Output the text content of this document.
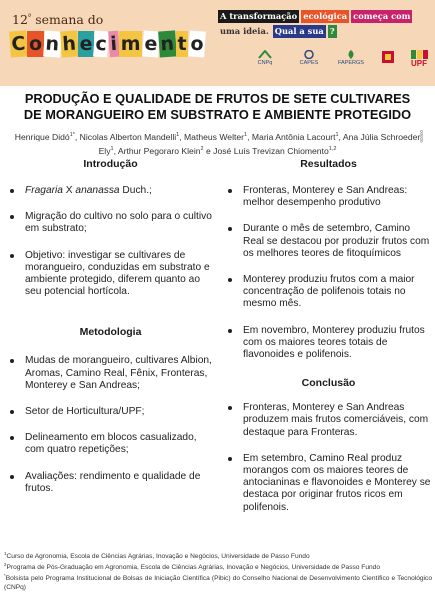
$12^ª$ semana do
C o n h e c i m e n t o
A transformação ecológica começa com
uma ideia. Qual a sua ?
CNPq	CAPES	FAPERGS	UPF
PRODUÇÃO E QUALIDADE DE FRUTOS DE SETE CULTIVARES
DE MORANGUEIRO EM SUBSTRATO E AMBIENTE PROTEGIDO
Henrique Didó$^{1*}$, Nicolas Alberton Mandelli$^1$, Matheus Welter$^1$, Maria Antônia Lacourt$^1$, Ana Júlia Schroeder Ely$^1$, Arthur Pegoraro Klein$^2$ e José Luís Trevizan Chiomento$^{1,2}$
00000
Introdução
Fragaria X ananassa Duch.;
Migração do cultivo no solo para o cultivo em substrato;
Objetivo: investigar se cultivares de morangueiro, conduzidas em substrato e ambiente protegido, diferem quanto ao seu potencial hortícola.
Metodologia
Mudas de morangueiro, cultivares Albion, Aromas, Camino Real, Fênix, Fronteras, Monterey e San Andreas;
Setor de Horticultura/UPF;
Delineamento em blocos casualizado, com quatro repetições;
Avaliações: rendimento e qualidade de frutos.
Resultados
Fronteras, Monterey e San Andreas: melhor desempenho produtivo
Durante o mês de setembro, Camino Real se destacou por produzir frutos com os melhores teores de fitoquímicos
Monterey produziu frutos com a maior concentração de polifenois totais no mesmo mês.
Em novembro, Monterey produziu frutos com os maiores teores totais de flavonoides e polifenois.
Conclusão
Fronteras, Monterey e San Andreas produzem mais frutos comerciáveis, com destaque para Fronteras.
Em setembro, Camino Real produz morangos com os maiores teores de antocianinas e flavonoides e Monterey se destaca por originar frutos ricos em polifenois.
$^1$Curso de Agronomia, Escola de Ciências Agrárias, Inovação e Negócios, Universidade de Passo Fundo
$^2$Programa de Pós-Graduação em Agronomia, Escola de Ciências Agrárias, Inovação e Negócios, Universidade de Passo Fundo
*Bolsista pelo Programa Institucional de Bolsas de Iniciação Científica (Pibic) do Conselho Nacional de Desenvolvimento Científico e Tecnológico (CNPq)
